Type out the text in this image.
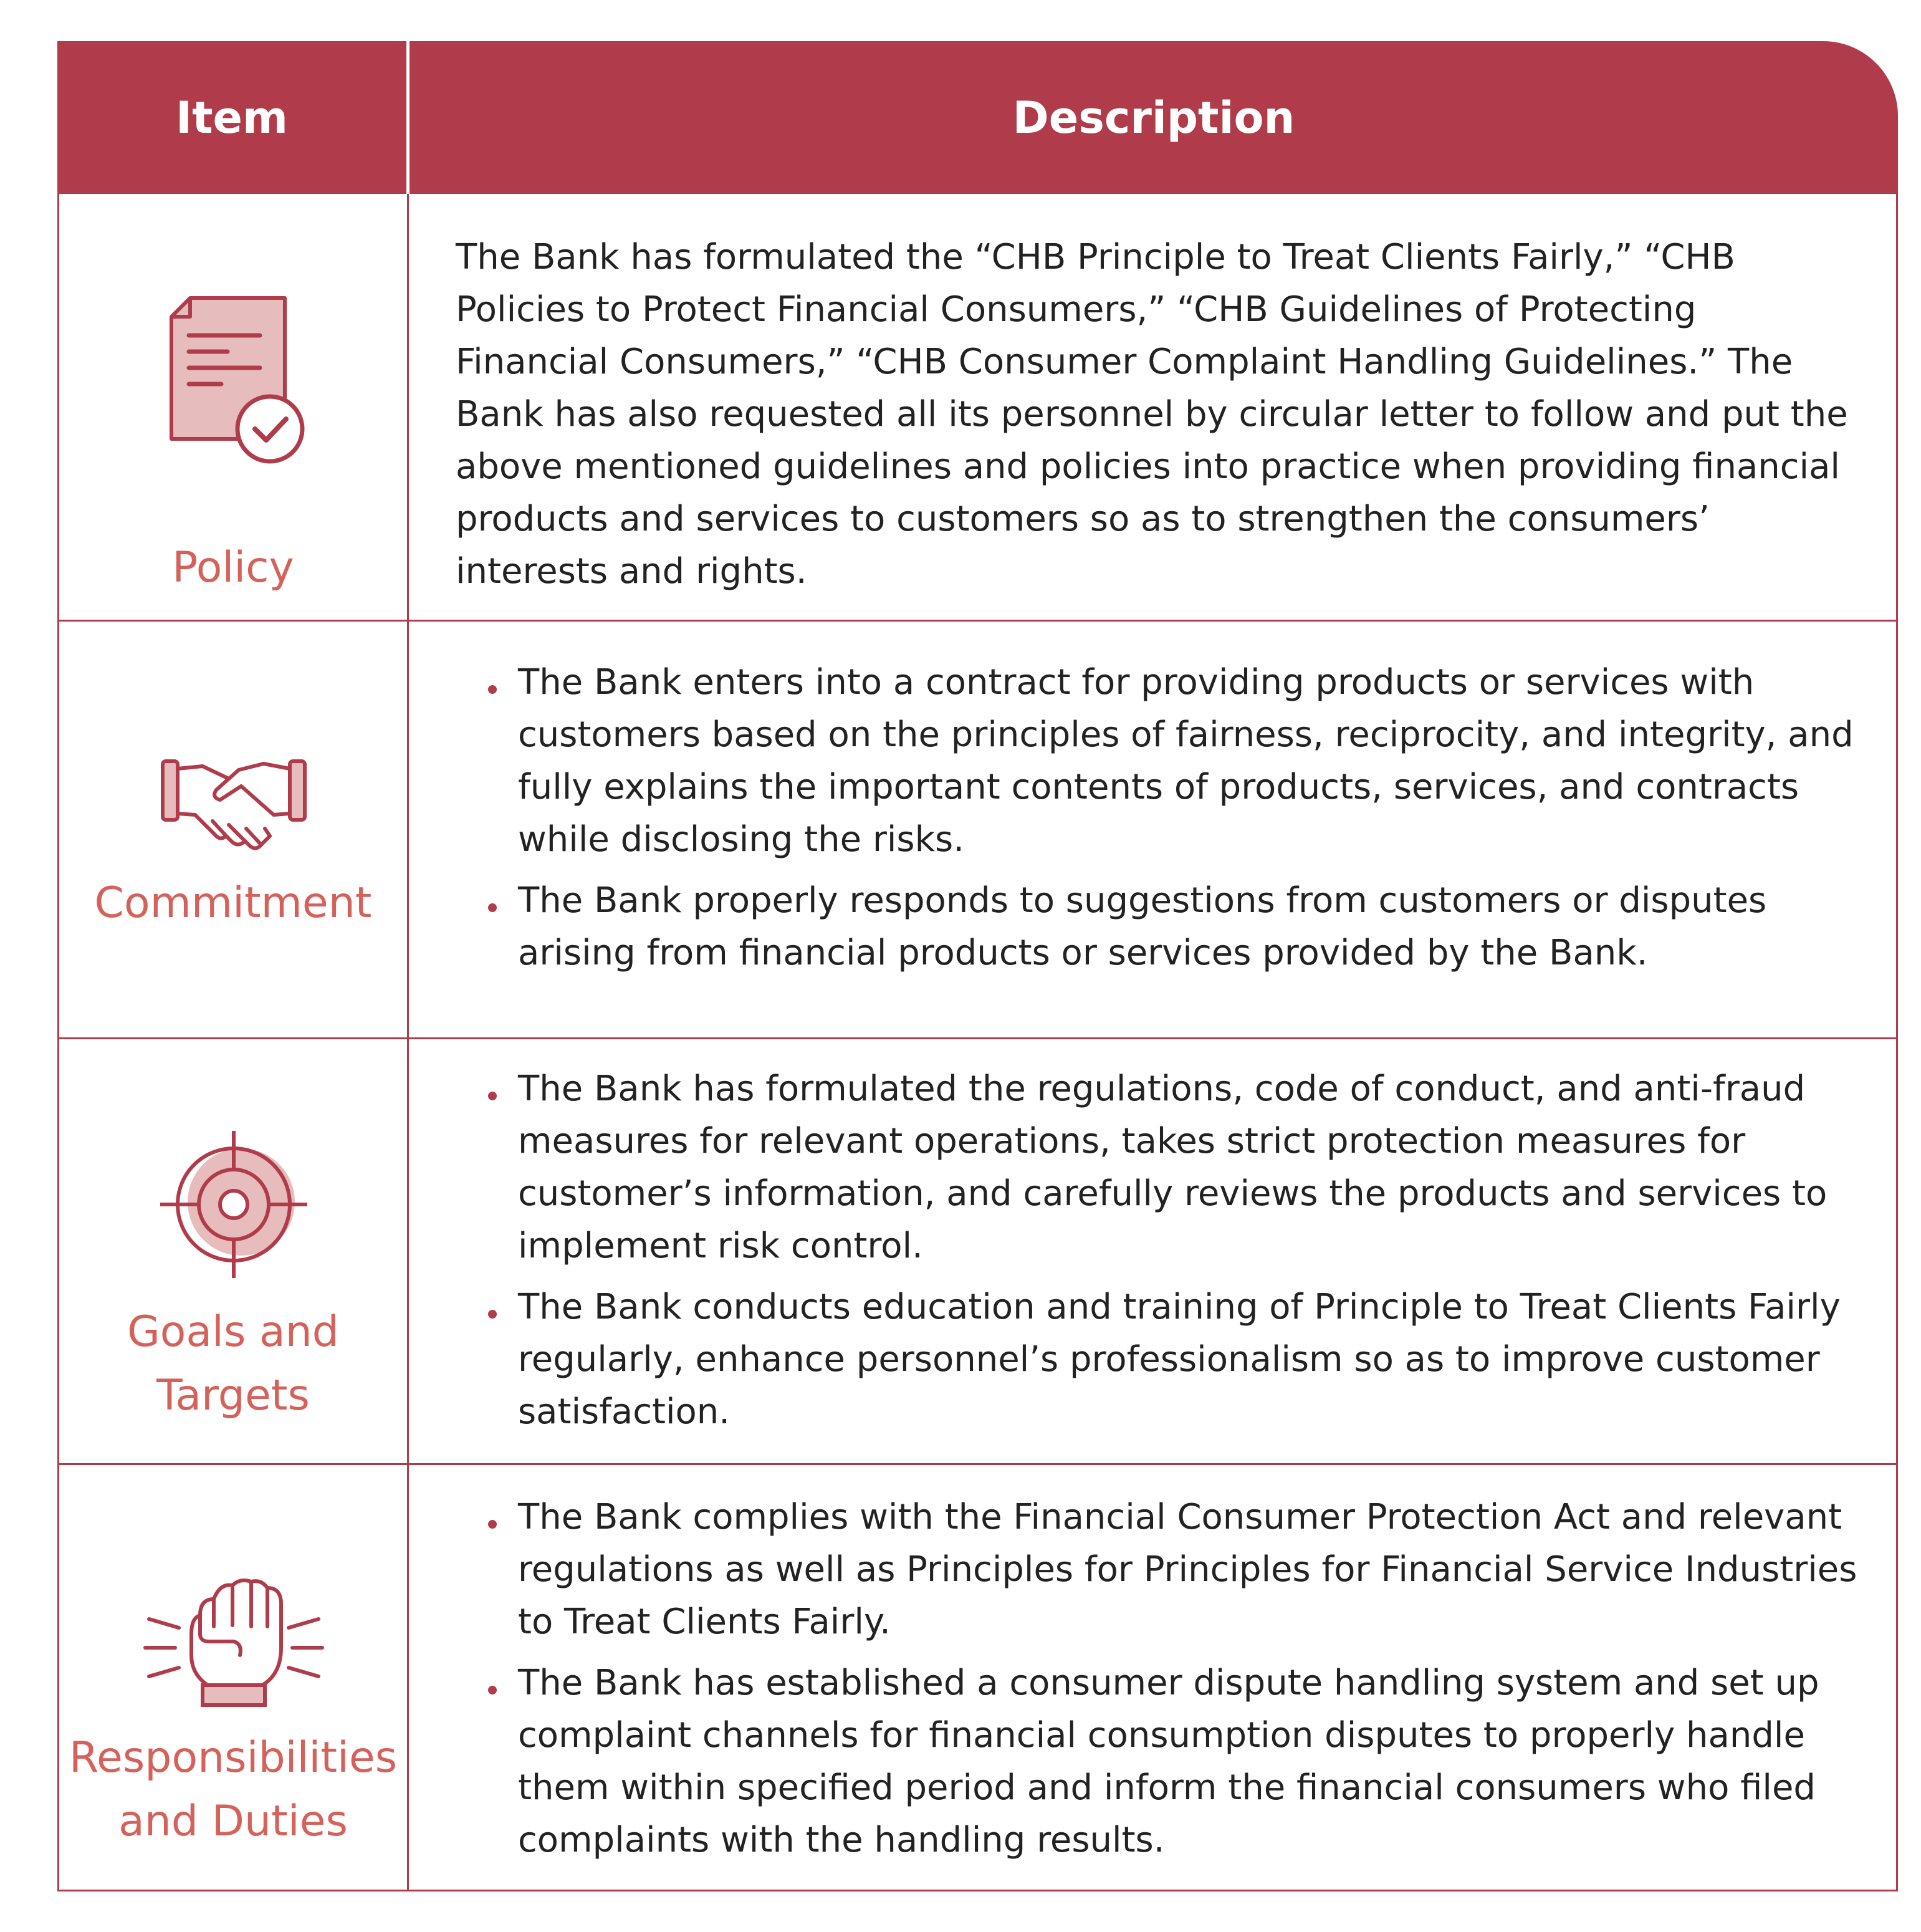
Item	Description
Policy

The Bank has formulated the “CHB Principle to Treat Clients Fairly,” “CHB Policies to Protect Financial Consumers,” “CHB Guidelines of Protecting Financial Consumers,” “CHB Consumer Complaint Handling Guidelines.” The Bank has also requested all its personnel by circular letter to follow and put the above mentioned guidelines and policies into practice when providing financial products and services to customers so as to strengthen the consumers’ interests and rights.

Commitment
The Bank enters into a contract for providing products or services with customers based on the principles of fairness, reciprocity, and integrity, and fully explains the important contents of products, services, and contracts while disclosing the risks.
The Bank properly responds to suggestions from customers or disputes arising from financial products or services provided by the Bank.
Goals and
Targets
The Bank has formulated the regulations, code of conduct, and anti-fraud measures for relevant operations, takes strict protection measures for customer’s information, and carefully reviews the products and services to implement risk control.
The Bank conducts education and training of Principle to Treat Clients Fairly regularly, enhance personnel’s professionalism so as to improve customer satisfaction.
Responsibilities
and Duties
The Bank complies with the Financial Consumer Protection Act and relevant regulations as well as Principles for Principles for Financial Service Industries to Treat Clients Fairly.
The Bank has established a consumer dispute handling system and set up complaint channels for financial consumption disputes to properly handle them within specified period and inform the financial consumers who filed complaints with the handling results.
